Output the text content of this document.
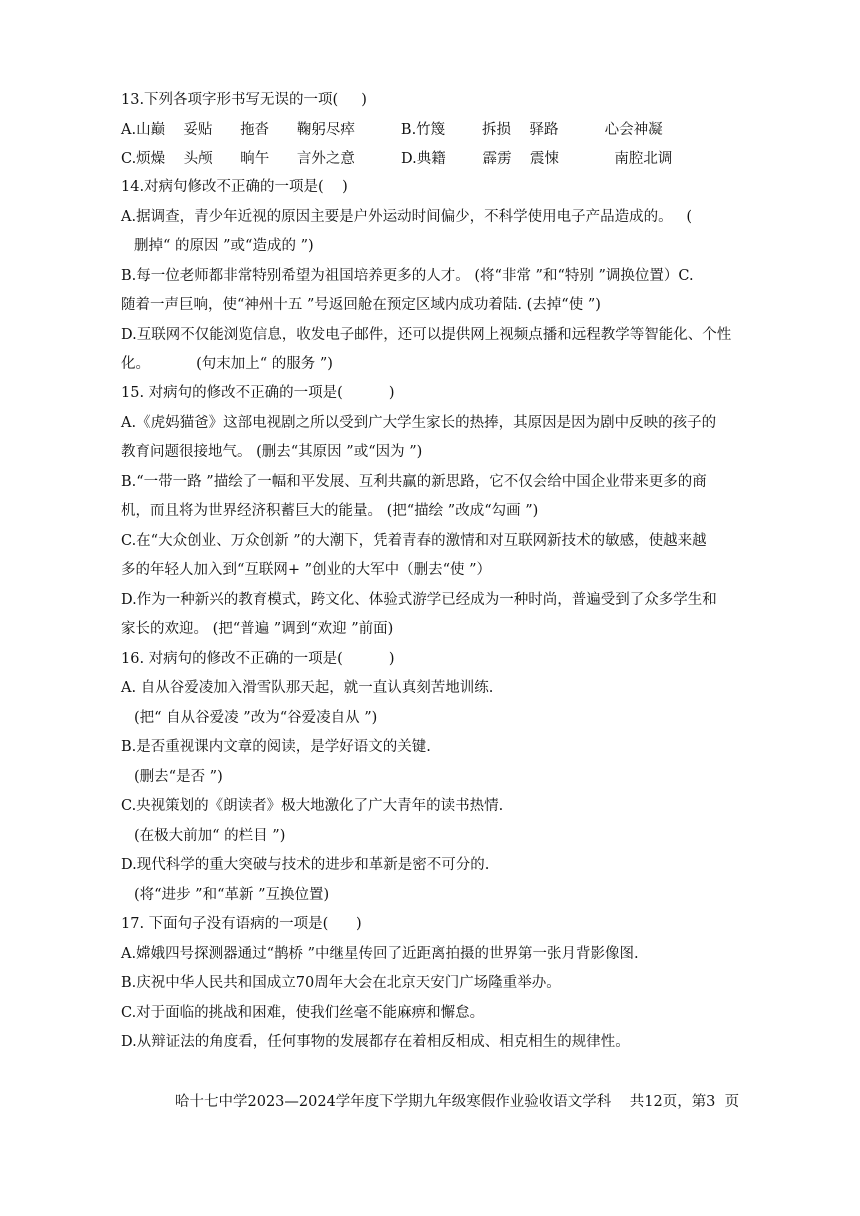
13.下列各项字形书写无误的一项(     )
A.山巅    妥贴      拖沓      鞠躬尽瘁          B.竹篾        拆损    驿路          心会神凝
C.烦燥    头颅      晌午      言外之意          D.典籍        霹雳    震悚            南腔北调
14.对病句修改不正确的一项是(    )
A.据调查，青少年近视的原因主要是户外运动时间偏少，不科学使用电子产品造成的。   (
删掉“ 的原因 ”或“造成的 ”)
B.每一位老师都非常特别希望为祖国培养更多的人才。 (将“非常 ”和“特别 ”调换位置）C.
随着一声巨响，使“神州十五 ”号返回舱在预定区域内成功着陆. (去掉“使 ”)
D.互联网不仅能浏览信息，收发电子邮件，还可以提供网上视频点播和远程教学等智能化、个性
化。          (句末加上“ 的服务 ”)
15. 对病句的修改不正确的一项是(          )
A.《虎妈猫爸》这部电视剧之所以受到广大学生家长的热捧，其原因是因为剧中反映的孩子的
教育问题很接地气。 (删去“其原因 ”或“因为 ”)
B.“一带一路 ”描绘了一幅和平发展、互利共赢的新思路，它不仅会给中国企业带来更多的商
机，而且将为世界经济积蓄巨大的能量。 (把“描绘 ”改成“勾画 ”)
C.在“大众创业、万众创新 ”的大潮下，凭着青春的激情和对互联网新技术的敏感，使越来越
多的年轻人加入到“互联网+ ”创业的大军中（删去“使 ”）
D.作为一种新兴的教育模式，跨文化、体验式游学已经成为一种时尚，普遍受到了众多学生和
家长的欢迎。 (把“普遍 ”调到“欢迎 ”前面)
16. 对病句的修改不正确的一项是(          )
A. 自从谷爱凌加入滑雪队那天起，就一直认真刻苦地训练.
(把“ 自从谷爱凌 ”改为“谷爱凌自从 ”)
B.是否重视课内文章的阅读，是学好语文的关键.
(删去“是否 ”)
C.央视策划的《朗读者》极大地激化了广大青年的读书热情.
(在极大前加“ 的栏目 ”)
D.现代科学的重大突破与技术的进步和革新是密不可分的.
(将“进步 ”和“革新 ”互换位置)
17. 下面句子没有语病的一项是(      )
A.嫦娥四号探测器通过“鹊桥 ”中继星传回了近距离拍摄的世界第一张月背影像图.
B.庆祝中华人民共和国成立70周年大会在北京天安门广场隆重举办。
C.对于面临的挑战和困难，使我们丝毫不能麻痹和懈怠。
D.从辩证法的角度看，任何事物的发展都存在着相反相成、相克相生的规律性。
哈十七中学2023—2024学年度下学期九年级寒假作业验收语文学科    共12页，第3  页
